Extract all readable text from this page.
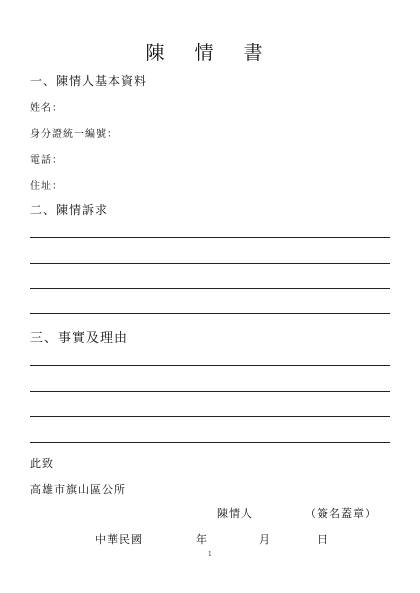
陳 情 書
一、陳情人基本資料
姓名：
身分證統一編號：
電話：
住址：
二、陳情訴求
三、事實及理由
此致
高雄市旗山區公所
陳情人	（簽名蓋章）
中華民國	年	月	日
1
